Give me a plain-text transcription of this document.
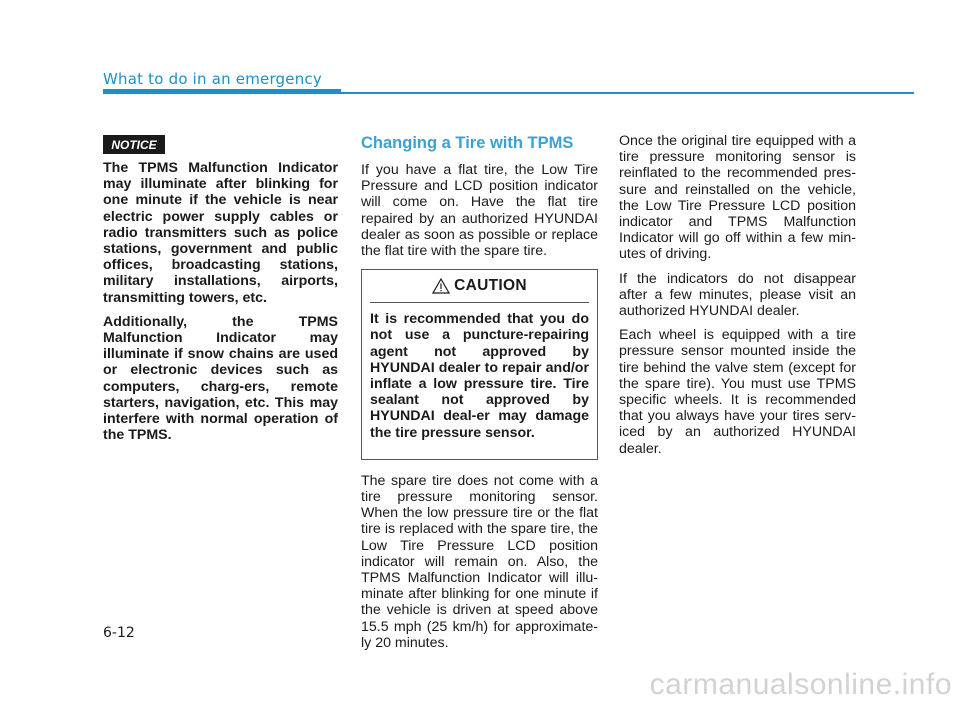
What to do in an emergency
NOTICE

The TPMS Malfunction Indicator may illuminate after blinking for one minute if the vehicle is near electric power supply cables or radio transmitters such as police stations, government and public offices, broadcasting stations, military installations, airports, transmitting towers, etc.

Additionally, the TPMS Malfunction Indicator may illuminate if snow chains are used or electronic devices such as computers, charg-ers, remote starters, navigation, etc. This may interfere with normal operation of the TPMS.

Changing a Tire with TPMS

If you have a flat tire, the Low Tire Pressure and LCD position indicator will come on. Have the flat tire repaired by an authorized HYUNDAI dealer as soon as possible or replace the flat tire with the spare tire.

CAUTION

It is recommended that you do not use a puncture-repairing agent not approved by HYUNDAI dealer to repair and/or inflate a low pressure tire. Tire sealant not approved by HYUNDAI deal-er may damage the tire pressure sensor.

The spare tire does not come with a tire pressure monitoring sensor. When the low pressure tire or the flat tire is replaced with the spare tire, the Low Tire Pressure LCD position indicator will remain on. Also, the TPMS Malfunction Indicator will illu-minate after blinking for one minute if the vehicle is driven at speed above 15.5 mph (25 km/h) for approximate-ly 20 minutes.

Once the original tire equipped with a tire pressure monitoring sensor is reinflated to the recommended pres-sure and reinstalled on the vehicle, the Low Tire Pressure LCD position indicator and TPMS Malfunction Indicator will go off within a few min-utes of driving.

If the indicators do not disappear after a few minutes, please visit an authorized HYUNDAI dealer.

Each wheel is equipped with a tire pressure sensor mounted inside the tire behind the valve stem (except for the spare tire). You must use TPMS specific wheels. It is recommended that you always have your tires serv-iced by an authorized HYUNDAI dealer.

6-12
carmanualsonline.info
